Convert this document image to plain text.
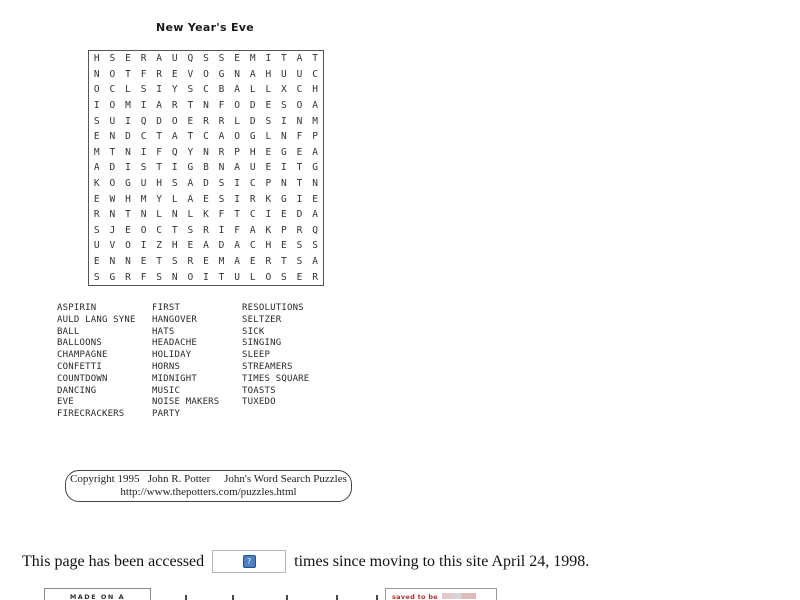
New Year's Eve
H	S	E	R	A	U	Q	S	S	E	M	I	T	A	T
N	O	T	F	R	E	V	O	G	N	A	H	U	U	C
O	C	L	S	I	Y	S	C	B	A	L	L	X	C	H
I	O	M	I	A	R	T	N	F	O	D	E	S	O	A
S	U	I	Q	D	O	E	R	R	L	D	S	I	N	M
E	N	D	C	T	A	T	C	A	O	G	L	N	F	P
M	T	N	I	F	Q	Y	N	R	P	H	E	G	E	A
A	D	I	S	T	I	G	B	N	A	U	E	I	T	G
K	O	G	U	H	S	A	D	S	I	C	P	N	T	N
E	W	H	M	Y	L	A	E	S	I	R	K	G	I	E
R	N	T	N	L	N	L	K	F	T	C	I	E	D	A
S	J	E	O	C	T	S	R	I	F	A	K	P	R	Q
U	V	O	I	Z	H	E	A	D	A	C	H	E	S	S
E	N	N	E	T	S	R	E	M	A	E	R	T	S	A
S	G	R	F	S	N	O	I	T	U	L	O	S	E	R
ASPIRIN
AULD LANG SYNE
BALL
BALLOONS
CHAMPAGNE
CONFETTI
COUNTDOWN
DANCING
EVE
FIRECRACKERS
FIRST
HANGOVER
HATS
HEADACHE
HOLIDAY
HORNS
MIDNIGHT
MUSIC
NOISE MAKERS
PARTY
RESOLUTIONS
SELTZER
SICK
SINGING
SLEEP
STREAMERS
TIMES SQUARE
TOASTS
TUXEDO
Copyright 1995   John R. Potter     John's Word Search Puzzles
http://www.thepotters.com/puzzles.html
This page has been accessed	?	times since moving to this site April 24, 1998.
MADE ON A	saved to be
